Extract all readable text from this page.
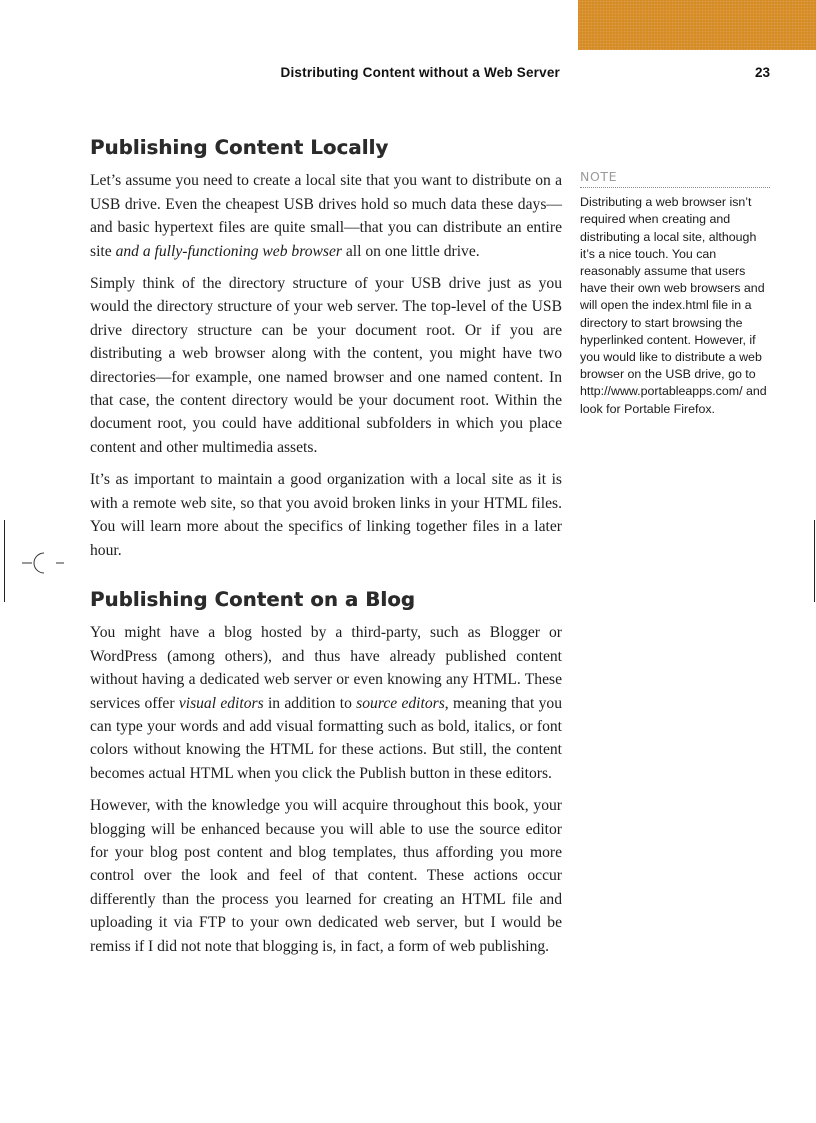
Distributing Content without a Web Server	23
Publishing Content Locally

Let’s assume you need to create a local site that you want to distribute on a USB drive. Even the cheapest USB drives hold so much data these days—and basic hypertext files are quite small—that you can distribute an entire site and a fully-functioning web browser all on one little drive.

Simply think of the directory structure of your USB drive just as you would the directory structure of your web server. The top-level of the USB drive directory structure can be your document root. Or if you are distributing a web browser along with the content, you might have two directories—for example, one named browser and one named content. In that case, the content directory would be your document root. Within the document root, you could have additional subfolders in which you place content and other multimedia assets.

It’s as important to maintain a good organization with a local site as it is with a remote web site, so that you avoid broken links in your HTML files. You will learn more about the specifics of linking together files in a later hour.

Publishing Content on a Blog

You might have a blog hosted by a third-party, such as Blogger or WordPress (among others), and thus have already published content without having a dedicated web server or even knowing any HTML. These services offer visual editors in addition to source editors, meaning that you can type your words and add visual formatting such as bold, italics, or font colors without knowing the HTML for these actions. But still, the content becomes actual HTML when you click the Publish button in these editors.

However, with the knowledge you will acquire throughout this book, your blogging will be enhanced because you will able to use the source editor for your blog post content and blog templates, thus affording you more control over the look and feel of that content. These actions occur differently than the process you learned for creating an HTML file and uploading it via FTP to your own dedicated web server, but I would be remiss if I did not note that blogging is, in fact, a form of web publishing.

NOTE

Distributing a web browser isn’t required when creating and distributing a local site, although it’s a nice touch. You can reasonably assume that users have their own web browsers and will open the index.html file in a directory to start browsing the hyperlinked content. However, if you would like to distribute a web browser on the USB drive, go to http://www.portableapps.com/ and look for Portable Firefox.
